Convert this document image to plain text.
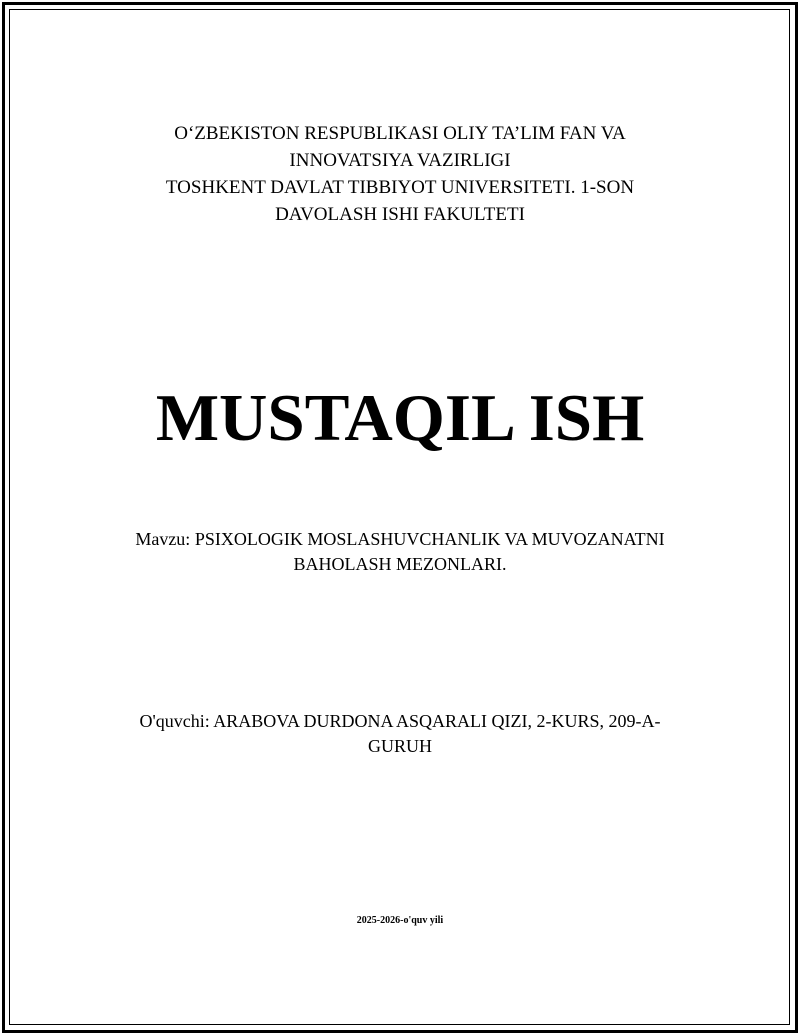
O‘ZBEKISTON RESPUBLIKASI OLIY TA’LIM FAN VA
INNOVATSIYA VAZIRLIGI
TOSHKENT DAVLAT TIBBIYOT UNIVERSITETI. 1-SON
DAVOLASH ISHI FAKULTETI
MUSTAQIL ISH
Mavzu: PSIXOLOGIK MOSLASHUVCHANLIK VA MUVOZANATNI
BAHOLASH MEZONLARI.
O'quvchi: ARABOVA DURDONA ASQARALI QIZI, 2-KURS, 209-A-
GURUH
2025-2026-o'quv yili
